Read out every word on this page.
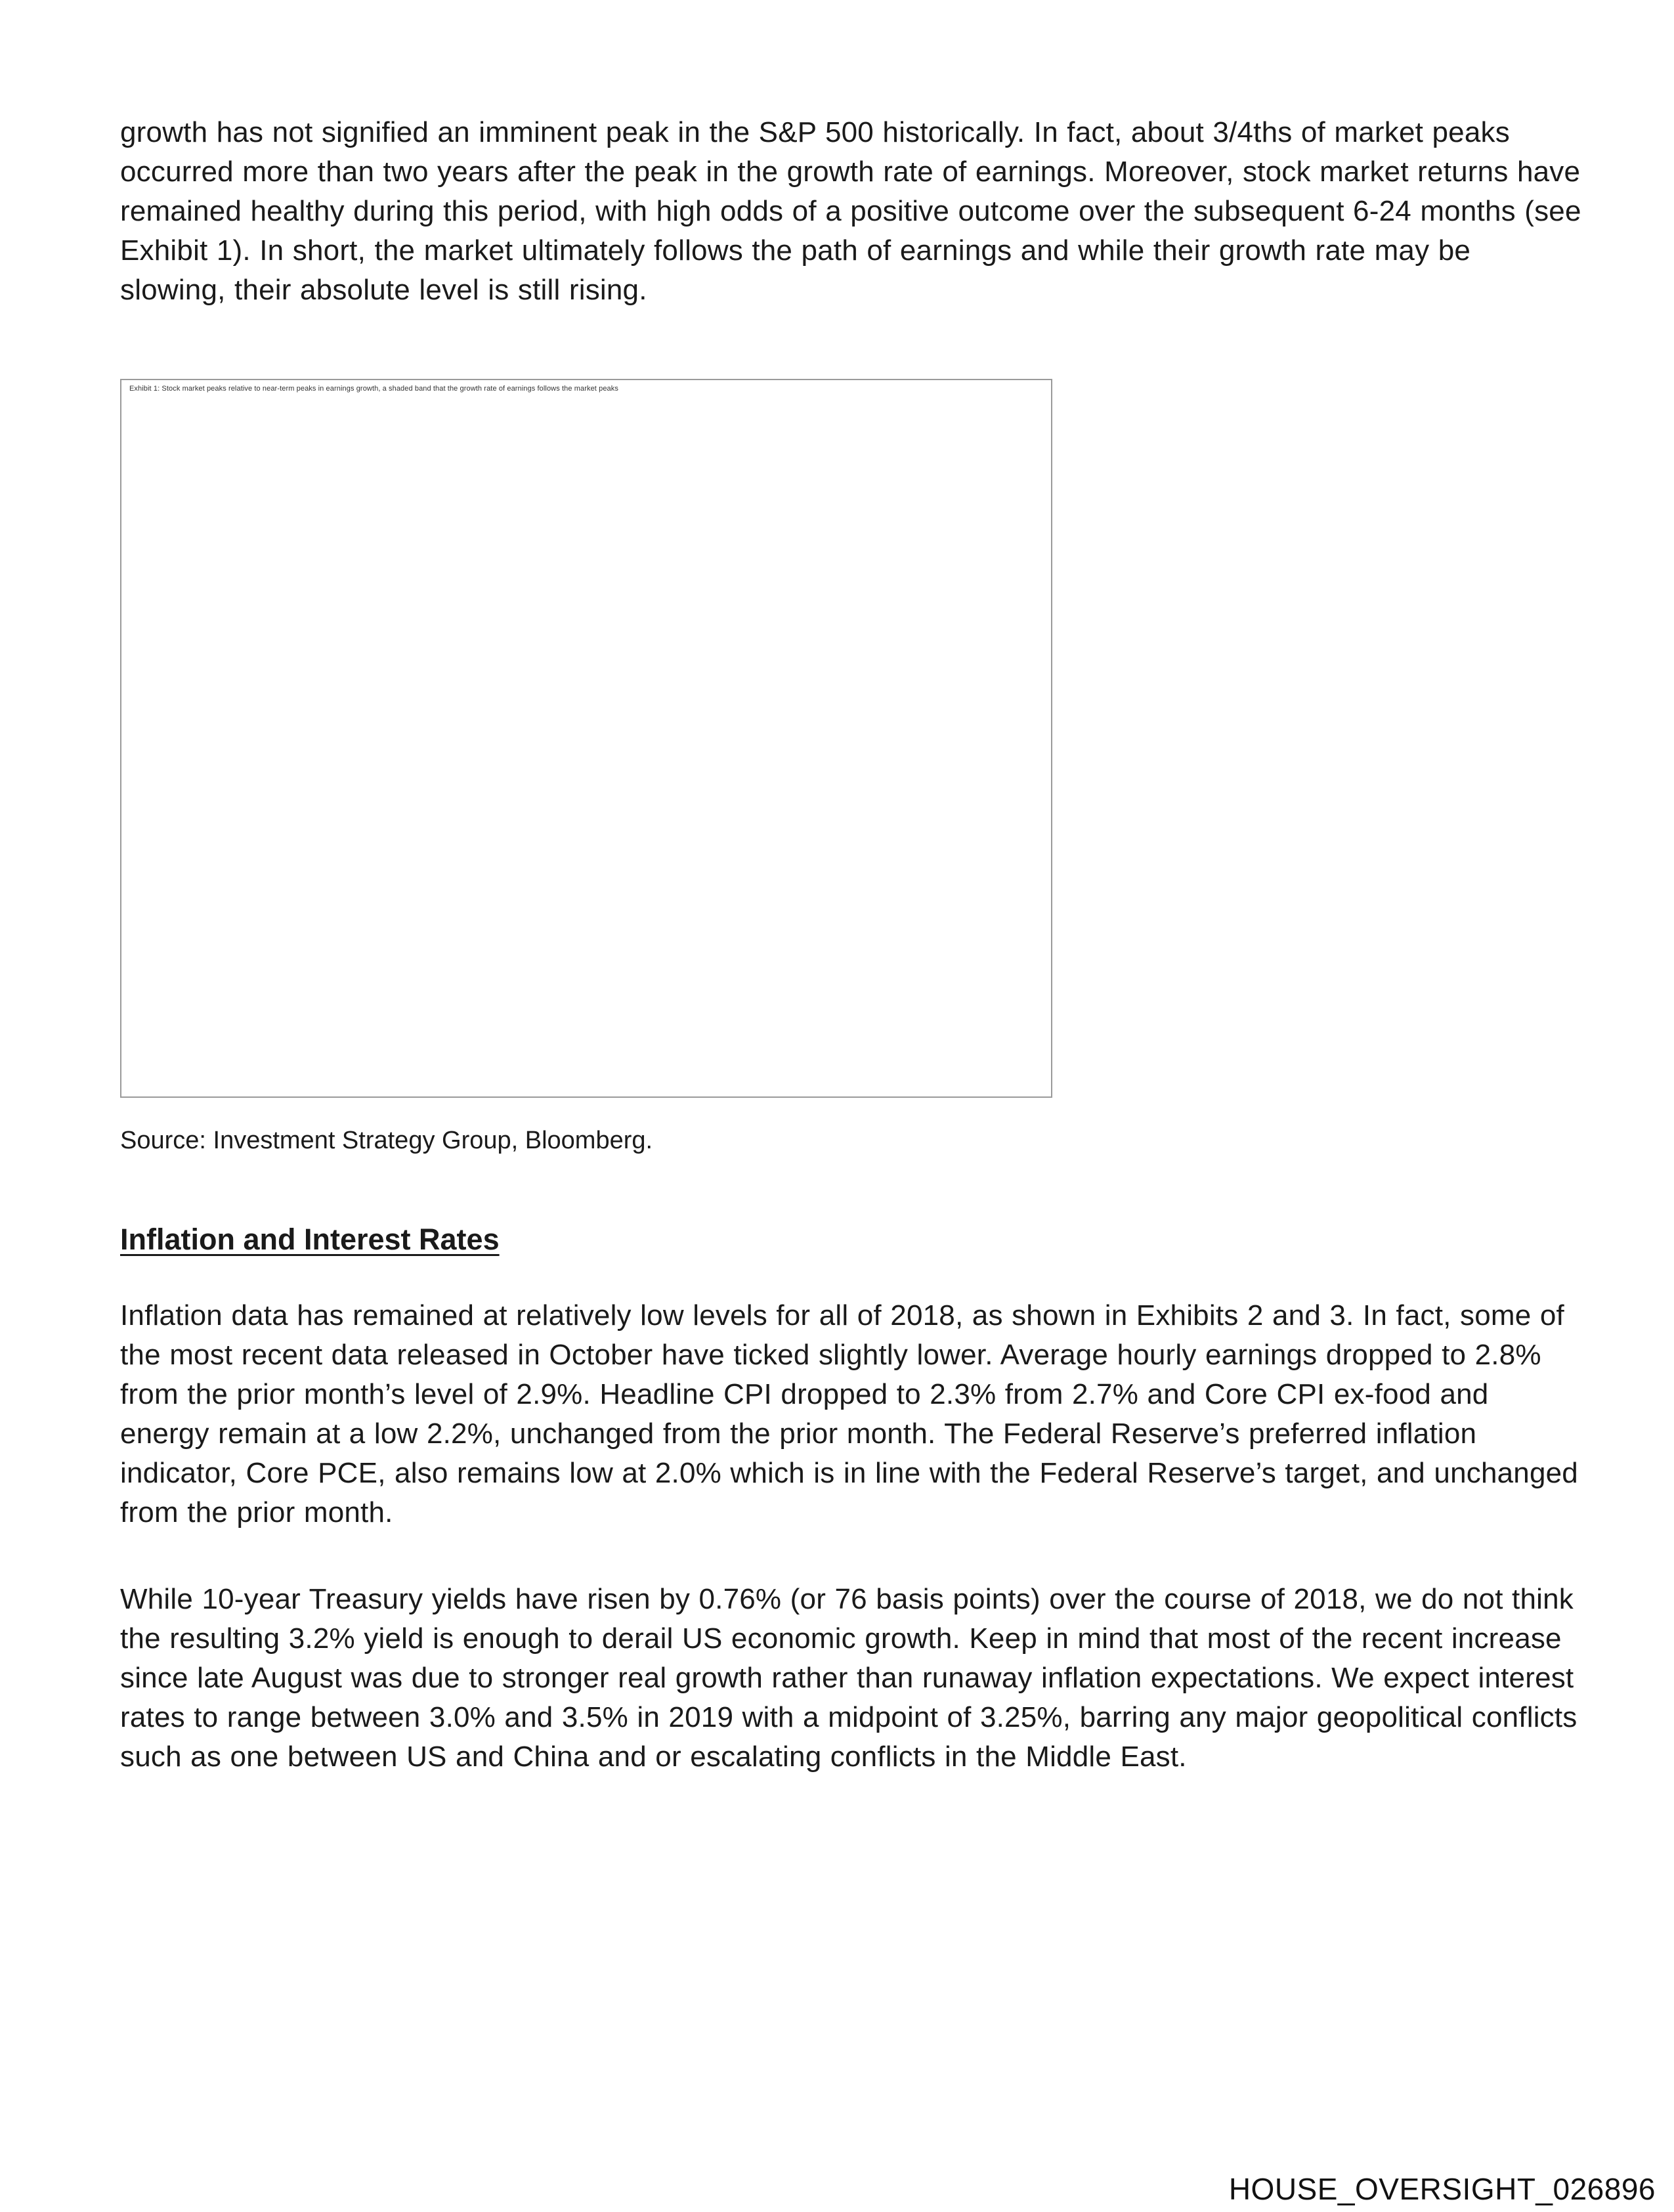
growth has not signified an imminent peak in the S&P 500 historically. In fact, about 3/4ths of market peaks occurred more than two years after the peak in the growth rate of earnings. Moreover, stock market returns have remained healthy during this period, with high odds of a positive outcome over the subsequent 6-24 months (see Exhibit 1). In short, the market ultimately follows the path of earnings and while their growth rate may be slowing, their absolute level is still rising.

Exhibit 1: Stock market peaks relative to near-term peaks in earnings growth, a shaded band that the growth rate of earnings follows the market peaks
Source: Investment Strategy Group, Bloomberg.
Inflation and Interest Rates

Inflation data has remained at relatively low levels for all of 2018, as shown in Exhibits 2 and 3. In fact, some of the most recent data released in October have ticked slightly lower. Average hourly earnings dropped to 2.8% from the prior month’s level of 2.9%. Headline CPI dropped to 2.3% from 2.7% and Core CPI ex-food and energy remain at a low 2.2%, unchanged from the prior month. The Federal Reserve’s preferred inflation indicator, Core PCE, also remains low at 2.0% which is in line with the Federal Reserve’s target, and unchanged from the prior month.

While 10-year Treasury yields have risen by 0.76% (or 76 basis points) over the course of 2018, we do not think the resulting 3.2% yield is enough to derail US economic growth. Keep in mind that most of the recent increase since late August was due to stronger real growth rather than runaway inflation expectations. We expect interest rates to range between 3.0% and 3.5% in 2019 with a midpoint of 3.25%, barring any major geopolitical conflicts such as one between US and China and or escalating conflicts in the Middle East.

HOUSE_OVERSIGHT_026896
